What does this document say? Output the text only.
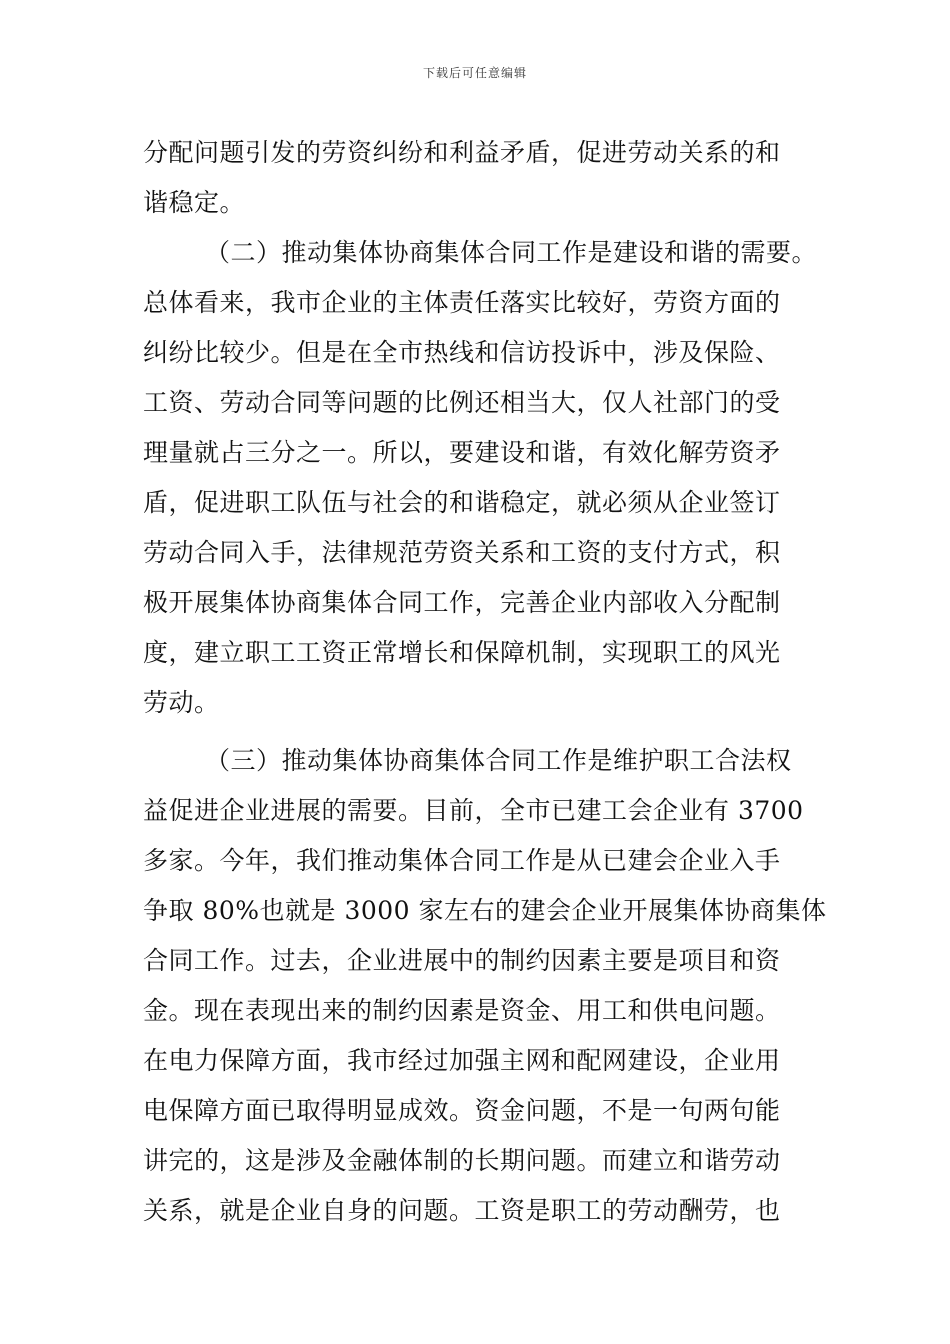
下载后可任意编辑
分配问题引发的劳资纠纷和利益矛盾，促进劳动关系的和
谐稳定。
（二）推动集体协商集体合同工作是建设和谐的需要。
总体看来，我市企业的主体责任落实比较好，劳资方面的
纠纷比较少。但是在全市热线和信访投诉中，涉及保险、
工资、劳动合同等问题的比例还相当大，仅人社部门的受
理量就占三分之一。所以，要建设和谐，有效化解劳资矛
盾，促进职工队伍与社会的和谐稳定，就必须从企业签订
劳动合同入手，法律规范劳资关系和工资的支付方式，积
极开展集体协商集体合同工作，完善企业内部收入分配制
度，建立职工工资正常增长和保障机制，实现职工的风光
劳动。
（三）推动集体协商集体合同工作是维护职工合法权
益促进企业进展的需要。目前，全市已建工会企业有 3700
多家。今年，我们推动集体合同工作是从已建会企业入手
争取 80%也就是 3000 家左右的建会企业开展集体协商集体
合同工作。过去，企业进展中的制约因素主要是项目和资
金。现在表现出来的制约因素是资金、用工和供电问题。
在电力保障方面，我市经过加强主网和配网建设，企业用
电保障方面已取得明显成效。资金问题，不是一句两句能
讲完的，这是涉及金融体制的长期问题。而建立和谐劳动
关系，就是企业自身的问题。工资是职工的劳动酬劳，也
